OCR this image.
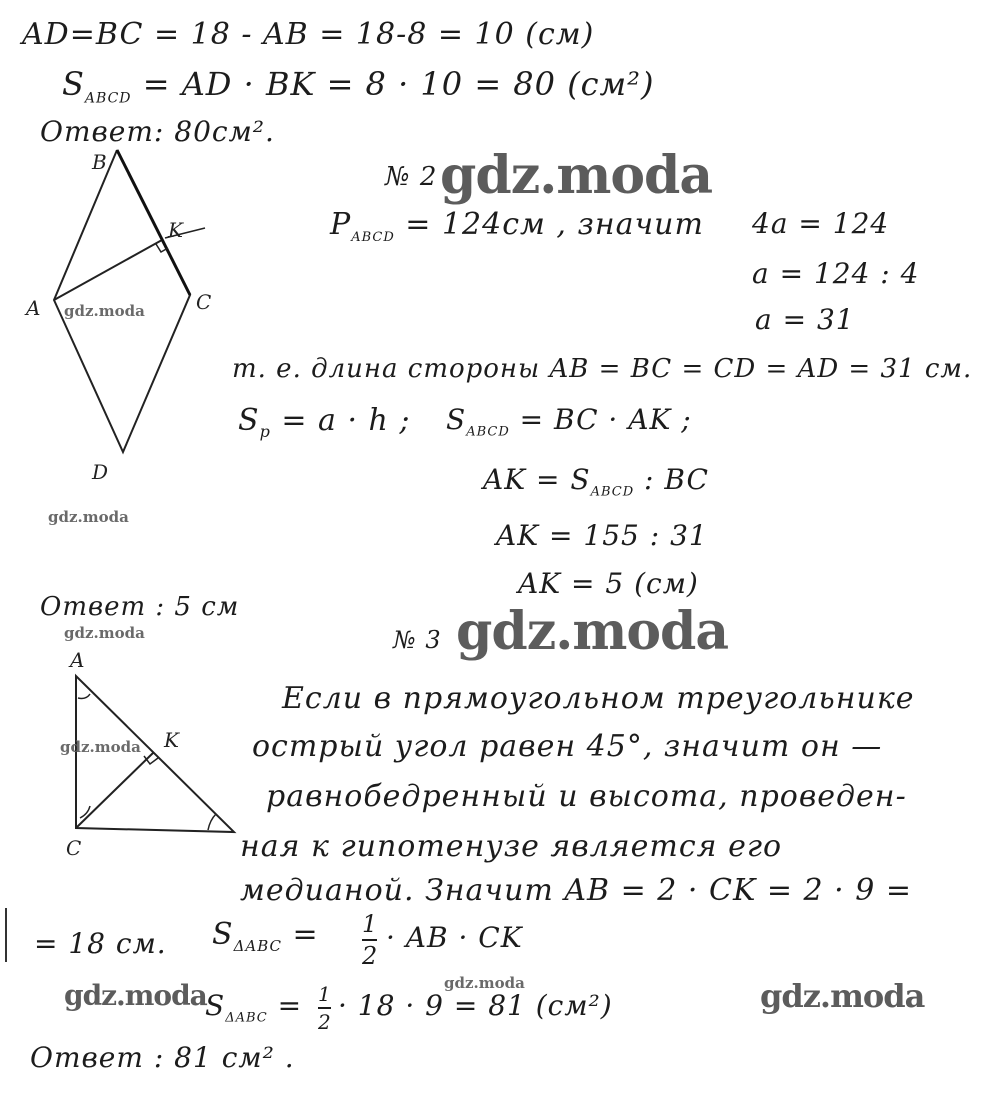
AD=BC = 18 - AB = 18-8 = 10 (см)
$S_{ABCD}$ = AD · BK = 8 · 10 = 80 (см²)
Ответ: 80см².
№ 2 gdz.moda
B
K
A	C
D
gdz.moda
$P_{ABCD} = 124см$ , значит 4a = 124
a = 124 : 4
a = 31
т. е. длина стороны AB = BC = CD = AD = 31 см.
$S_р = a \cdot h$ ; $S_{ABCD}$ = BC · AK ;
AK = $S_{ABCD}$ : BC
AK = 155 : 31
AK = 5 (см)
gdz.moda
Ответ : 5 см
gdz.moda	№ 3 gdz.moda
A
K
C
gdz.moda
Если в прямоугольном треугольнике
острый угол равен 45°, значит он —
равнобедренный и высота, проведен-
ная к гипотенузе является его
медианой. Значит AB = 2 · CK = 2 · 9 =
= 18 см. $S_{\Delta ABC} = 1$
2
· AB · CK
gdz.moda	gdz.moda	gdz.moda
$S_{\Delta ABC} = 1$
2 · 18 · 9 = 81 (см²)
Ответ : 81 см² .
